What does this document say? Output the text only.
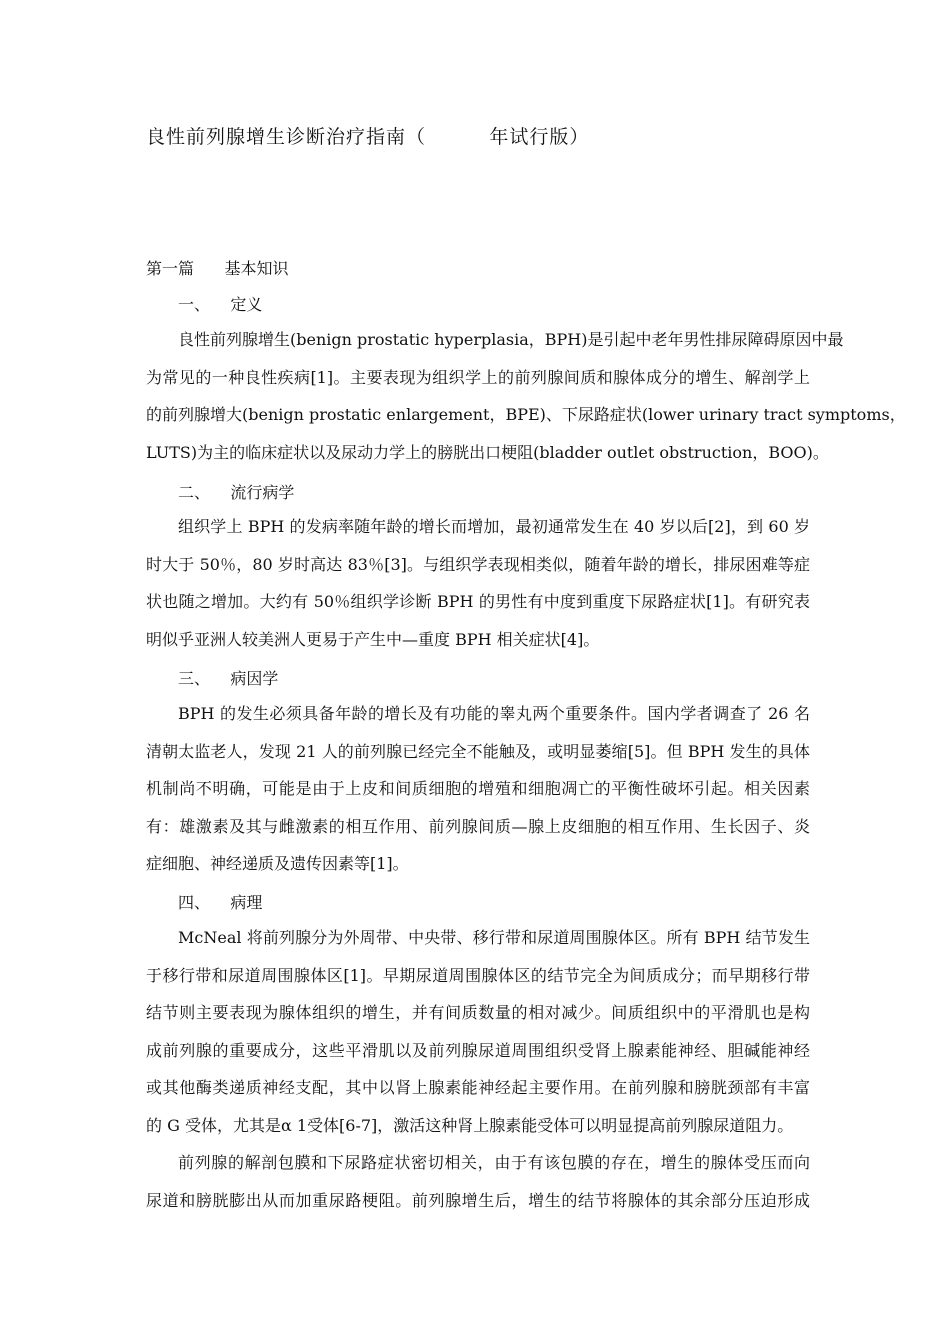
良性前列腺增生诊断治疗指南（         年试行版）
第一篇      基本知识
一、    定义
良性前列腺增生(benign prostatic hyperplasia，BPH)是引起中老年男性排尿障碍原因中最
为常见的一种良性疾病[1]。主要表现为组织学上的前列腺间质和腺体成分的增生、解剖学上
的前列腺增大(benign prostatic enlargement，BPE)、下尿路症状(lower urinary tract symptoms，
LUTS)为主的临床症状以及尿动力学上的膀胱出口梗阻(bladder outlet obstruction，BOO)。
二、    流行病学
组织学上 BPH 的发病率随年龄的增长而增加，最初通常发生在 40 岁以后[2]，到 60 岁
时大于 50％，80 岁时高达 83％[3]。与组织学表现相类似，随着年龄的增长，排尿困难等症
状也随之增加。大约有 50％组织学诊断 BPH 的男性有中度到重度下尿路症状[1]。有研究表
明似乎亚洲人较美洲人更易于产生中—重度 BPH 相关症状[4]。
三、    病因学
BPH 的发生必须具备年龄的增长及有功能的睾丸两个重要条件。国内学者调查了 26 名
清朝太监老人，发现 21 人的前列腺已经完全不能触及，或明显萎缩[5]。但 BPH 发生的具体
机制尚不明确，可能是由于上皮和间质细胞的增殖和细胞凋亡的平衡性破坏引起。相关因素
有：雄激素及其与雌激素的相互作用、前列腺间质—腺上皮细胞的相互作用、生长因子、炎
症细胞、神经递质及遗传因素等[1]。
四、    病理
McNeal 将前列腺分为外周带、中央带、移行带和尿道周围腺体区。所有 BPH 结节发生
于移行带和尿道周围腺体区[1]。早期尿道周围腺体区的结节完全为间质成分；而早期移行带
结节则主要表现为腺体组织的增生，并有间质数量的相对减少。间质组织中的平滑肌也是构
成前列腺的重要成分，这些平滑肌以及前列腺尿道周围组织受肾上腺素能神经、胆碱能神经
或其他酶类递质神经支配，其中以肾上腺素能神经起主要作用。在前列腺和膀胱颈部有丰富
的 G 受体，尤其是α 1受体[6-7]，激活这种肾上腺素能受体可以明显提高前列腺尿道阻力。
前列腺的解剖包膜和下尿路症状密切相关，由于有该包膜的存在，增生的腺体受压而向
尿道和膀胱膨出从而加重尿路梗阻。前列腺增生后，增生的结节将腺体的其余部分压迫形成
